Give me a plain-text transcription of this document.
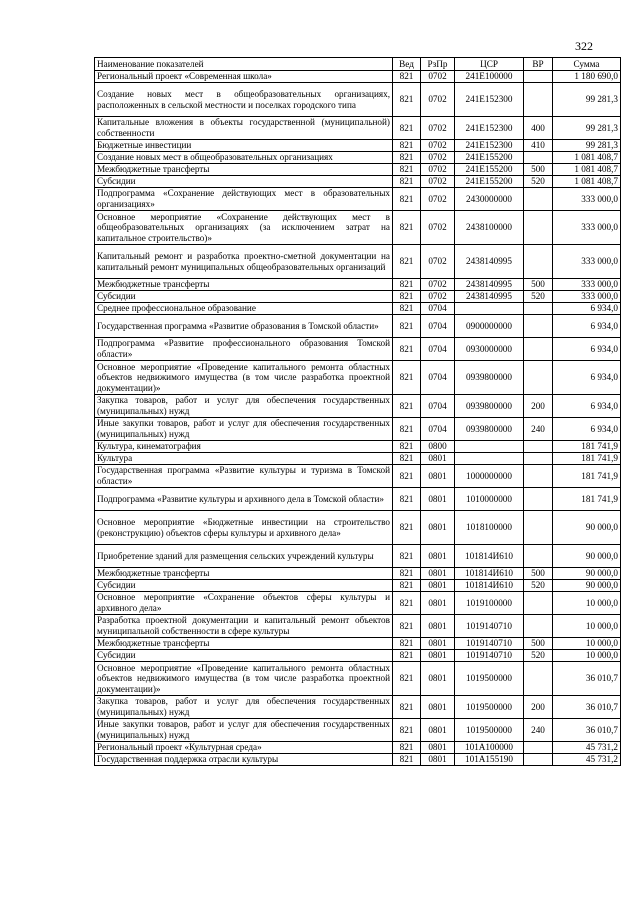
322
Наименование показателей	Вед	РзПр	ЦСР	ВР	Сумма
Региональный проект «Современная школа»	821	0702	241E100000		1 180 690,0
Создание новых мест в общеобразовательных организациях, расположенных в сельской местности и поселках городского типа	821	0702	241E152300		99 281,3
Капитальные вложения в объекты государственной (муниципальной) собственности	821	0702	241E152300	400	99 281,3
Бюджетные инвестиции	821	0702	241E152300	410	99 281,3
Создание новых мест в общеобразовательных организациях	821	0702	241E155200		1 081 408,7
Межбюджетные трансферты	821	0702	241E155200	500	1 081 408,7
Субсидии	821	0702	241E155200	520	1 081 408,7
Подпрограмма «Сохранение действующих мест в образовательных организациях»	821	0702	2430000000		333 000,0
Основное мероприятие «Сохранение действующих мест в общеобразовательных организациях (за исключением затрат на капитальное строительство)»	821	0702	2438100000		333 000,0
Капитальный ремонт и разработка проектно-сметной документации на капитальный ремонт муниципальных общеобразовательных организаций	821	0702	2438140995		333 000,0
Межбюджетные трансферты	821	0702	2438140995	500	333 000,0
Субсидии	821	0702	2438140995	520	333 000,0
Среднее профессиональное образование	821	0704			6 934,0
Государственная программа «Развитие образования в Томской области»	821	0704	0900000000		6 934,0
Подпрограмма «Развитие профессионального образования Томской области»	821	0704	0930000000		6 934,0
Основное мероприятие «Проведение капитального ремонта областных объектов недвижимого имущества (в том числе разработка проектной документации)»	821	0704	0939800000		6 934,0
Закупка товаров, работ и услуг для обеспечения государственных (муниципальных) нужд	821	0704	0939800000	200	6 934,0
Иные закупки товаров, работ и услуг для обеспечения государственных (муниципальных) нужд	821	0704	0939800000	240	6 934,0
Культура, кинематография	821	0800			181 741,9
Культура	821	0801			181 741,9
Государственная программа «Развитие культуры и туризма в Томской области»	821	0801	1000000000		181 741,9
Подпрограмма «Развитие культуры и архивного дела в Томской области»	821	0801	1010000000		181 741,9
Основное мероприятие «Бюджетные инвестиции на строительство (реконструкцию) объектов сферы культуры и архивного дела»	821	0801	1018100000		90 000,0
Приобретение зданий для размещения сельских учреждений культуры	821	0801	101814И610		90 000,0
Межбюджетные трансферты	821	0801	101814И610	500	90 000,0
Субсидии	821	0801	101814И610	520	90 000,0
Основное мероприятие «Сохранение объектов сферы культуры и архивного дела»	821	0801	1019100000		10 000,0
Разработка проектной документации и капитальный ремонт объектов муниципальной собственности в сфере культуры	821	0801	1019140710		10 000,0
Межбюджетные трансферты	821	0801	1019140710	500	10 000,0
Субсидии	821	0801	1019140710	520	10 000,0
Основное мероприятие «Проведение капитального ремонта областных объектов недвижимого имущества (в том числе разработка проектной документации)»	821	0801	1019500000		36 010,7
Закупка товаров, работ и услуг для обеспечения государственных (муниципальных) нужд	821	0801	1019500000	200	36 010,7
Иные закупки товаров, работ и услуг для обеспечения государственных (муниципальных) нужд	821	0801	1019500000	240	36 010,7
Региональный проект «Культурная среда»	821	0801	101A100000		45 731,2
Государственная поддержка отрасли культуры	821	0801	101A155190		45 731,2
